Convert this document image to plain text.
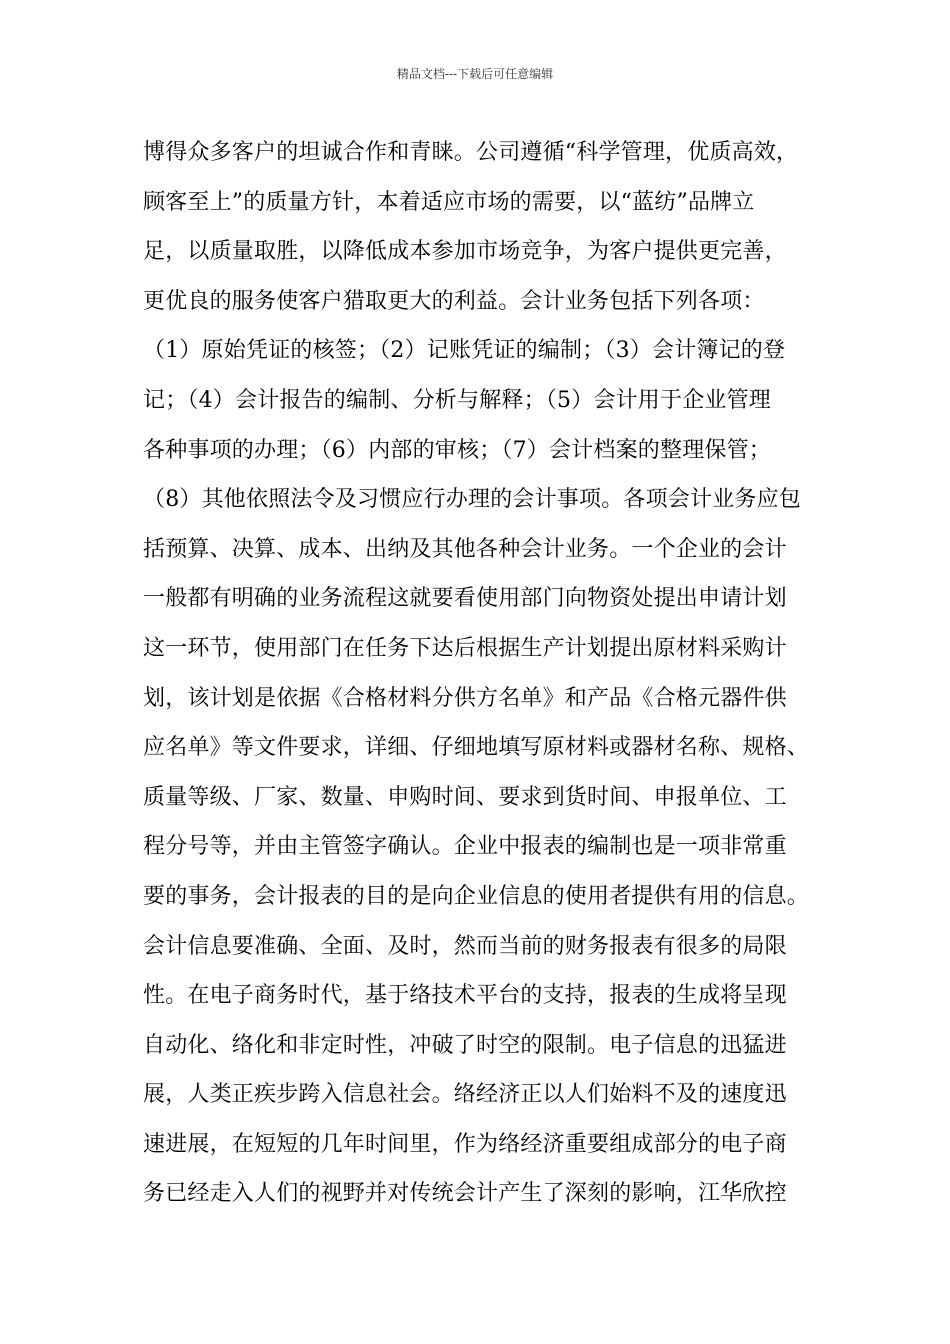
精品文档---下载后可任意编辑
博得众多客户的坦诚合作和青睐。公司遵循“科学管理，优质高效，
顾客至上”的质量方针，本着适应市场的需要，以“蓝纺”品牌立
足，以质量取胜，以降低成本参加市场竞争，为客户提供更完善，
更优良的服务使客户猎取更大的利益。会计业务包括下列各项：
（1）原始凭证的核签；（2）记账凭证的编制；（3）会计簿记的登
记；（4）会计报告的编制、分析与解释；（5）会计用于企业管理
各种事项的办理；（6）内部的审核；（7）会计档案的整理保管；
（8）其他依照法令及习惯应行办理的会计事项。各项会计业务应包
括预算、决算、成本、出纳及其他各种会计业务。一个企业的会计
一般都有明确的业务流程这就要看使用部门向物资处提出申请计划
这一环节，使用部门在任务下达后根据生产计划提出原材料采购计
划，该计划是依据《合格材料分供方名单》和产品《合格元器件供
应名单》等文件要求，详细、仔细地填写原材料或器材名称、规格、
质量等级、厂家、数量、申购时间、要求到货时间、申报单位、工
程分号等，并由主管签字确认。企业中报表的编制也是一项非常重
要的事务，会计报表的目的是向企业信息的使用者提供有用的信息。
会计信息要准确、全面、及时，然而当前的财务报表有很多的局限
性。在电子商务时代，基于络技术平台的支持，报表的生成将呈现
自动化、络化和非定时性，冲破了时空的限制。电子信息的迅猛进
展，人类正疾步跨入信息社会。络经济正以人们始料不及的速度迅
速进展，在短短的几年时间里，作为络经济重要组成部分的电子商
务已经走入人们的视野并对传统会计产生了深刻的影响，江华欣控
